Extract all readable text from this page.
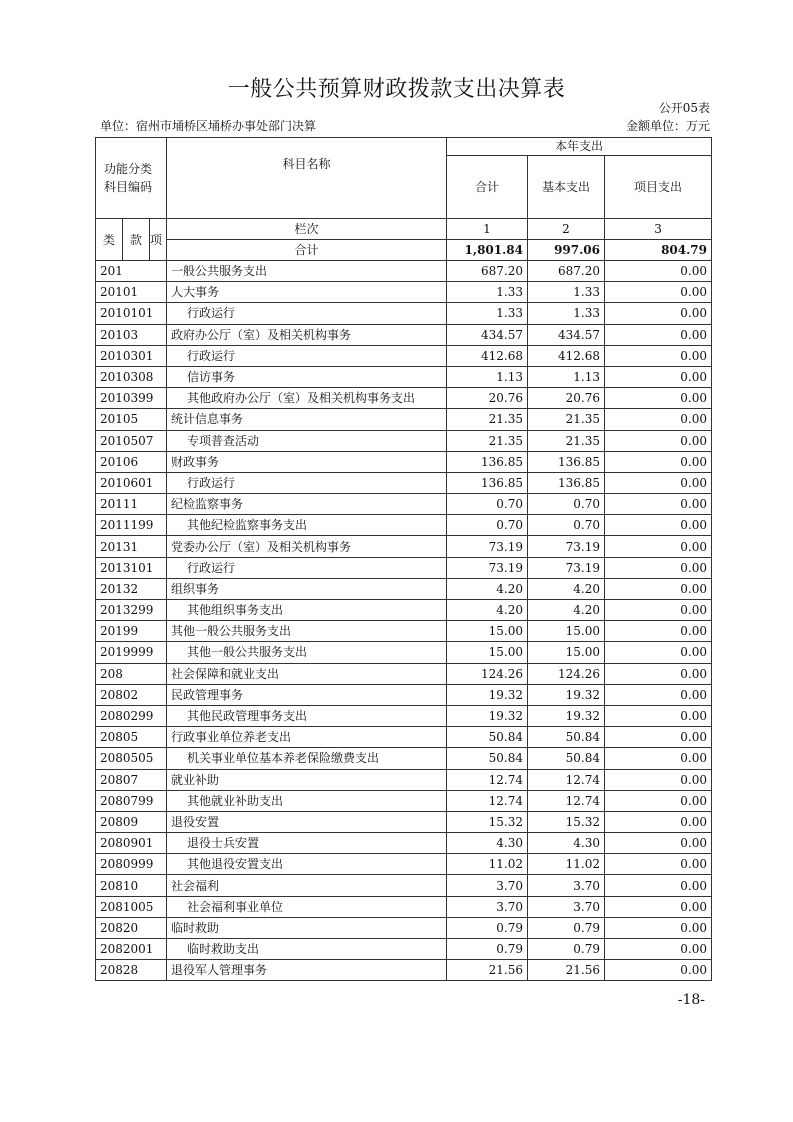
一般公共预算财政拨款支出决算表
公开05表
单位：宿州市埇桥区埇桥办事处部门决算	金额单位：万元
功能分类科目编码			科目名称	本年支出		
				合计	基本支出	项目支出
类	款	项	栏次	1	2	3
			合计	1,801.84	997.06	804.79
201			一般公共服务支出	687.20	687.20	0.00
20101			人大事务	1.33	1.33	0.00
2010101			行政运行	1.33	1.33	0.00
20103			政府办公厅（室）及相关机构事务	434.57	434.57	0.00
2010301			行政运行	412.68	412.68	0.00
2010308			信访事务	1.13	1.13	0.00
2010399			其他政府办公厅（室）及相关机构事务支出	20.76	20.76	0.00
20105			统计信息事务	21.35	21.35	0.00
2010507			专项普查活动	21.35	21.35	0.00
20106			财政事务	136.85	136.85	0.00
2010601			行政运行	136.85	136.85	0.00
20111			纪检监察事务	0.70	0.70	0.00
2011199			其他纪检监察事务支出	0.70	0.70	0.00
20131			党委办公厅（室）及相关机构事务	73.19	73.19	0.00
2013101			行政运行	73.19	73.19	0.00
20132			组织事务	4.20	4.20	0.00
2013299			其他组织事务支出	4.20	4.20	0.00
20199			其他一般公共服务支出	15.00	15.00	0.00
2019999			其他一般公共服务支出	15.00	15.00	0.00
208			社会保障和就业支出	124.26	124.26	0.00
20802			民政管理事务	19.32	19.32	0.00
2080299			其他民政管理事务支出	19.32	19.32	0.00
20805			行政事业单位养老支出	50.84	50.84	0.00
2080505			机关事业单位基本养老保险缴费支出	50.84	50.84	0.00
20807			就业补助	12.74	12.74	0.00
2080799			其他就业补助支出	12.74	12.74	0.00
20809			退役安置	15.32	15.32	0.00
2080901			退役士兵安置	4.30	4.30	0.00
2080999			其他退役安置支出	11.02	11.02	0.00
20810			社会福利	3.70	3.70	0.00
2081005			社会福利事业单位	3.70	3.70	0.00
20820			临时救助	0.79	0.79	0.00
2082001			临时救助支出	0.79	0.79	0.00
20828			退役军人管理事务	21.56	21.56	0.00
-18-
